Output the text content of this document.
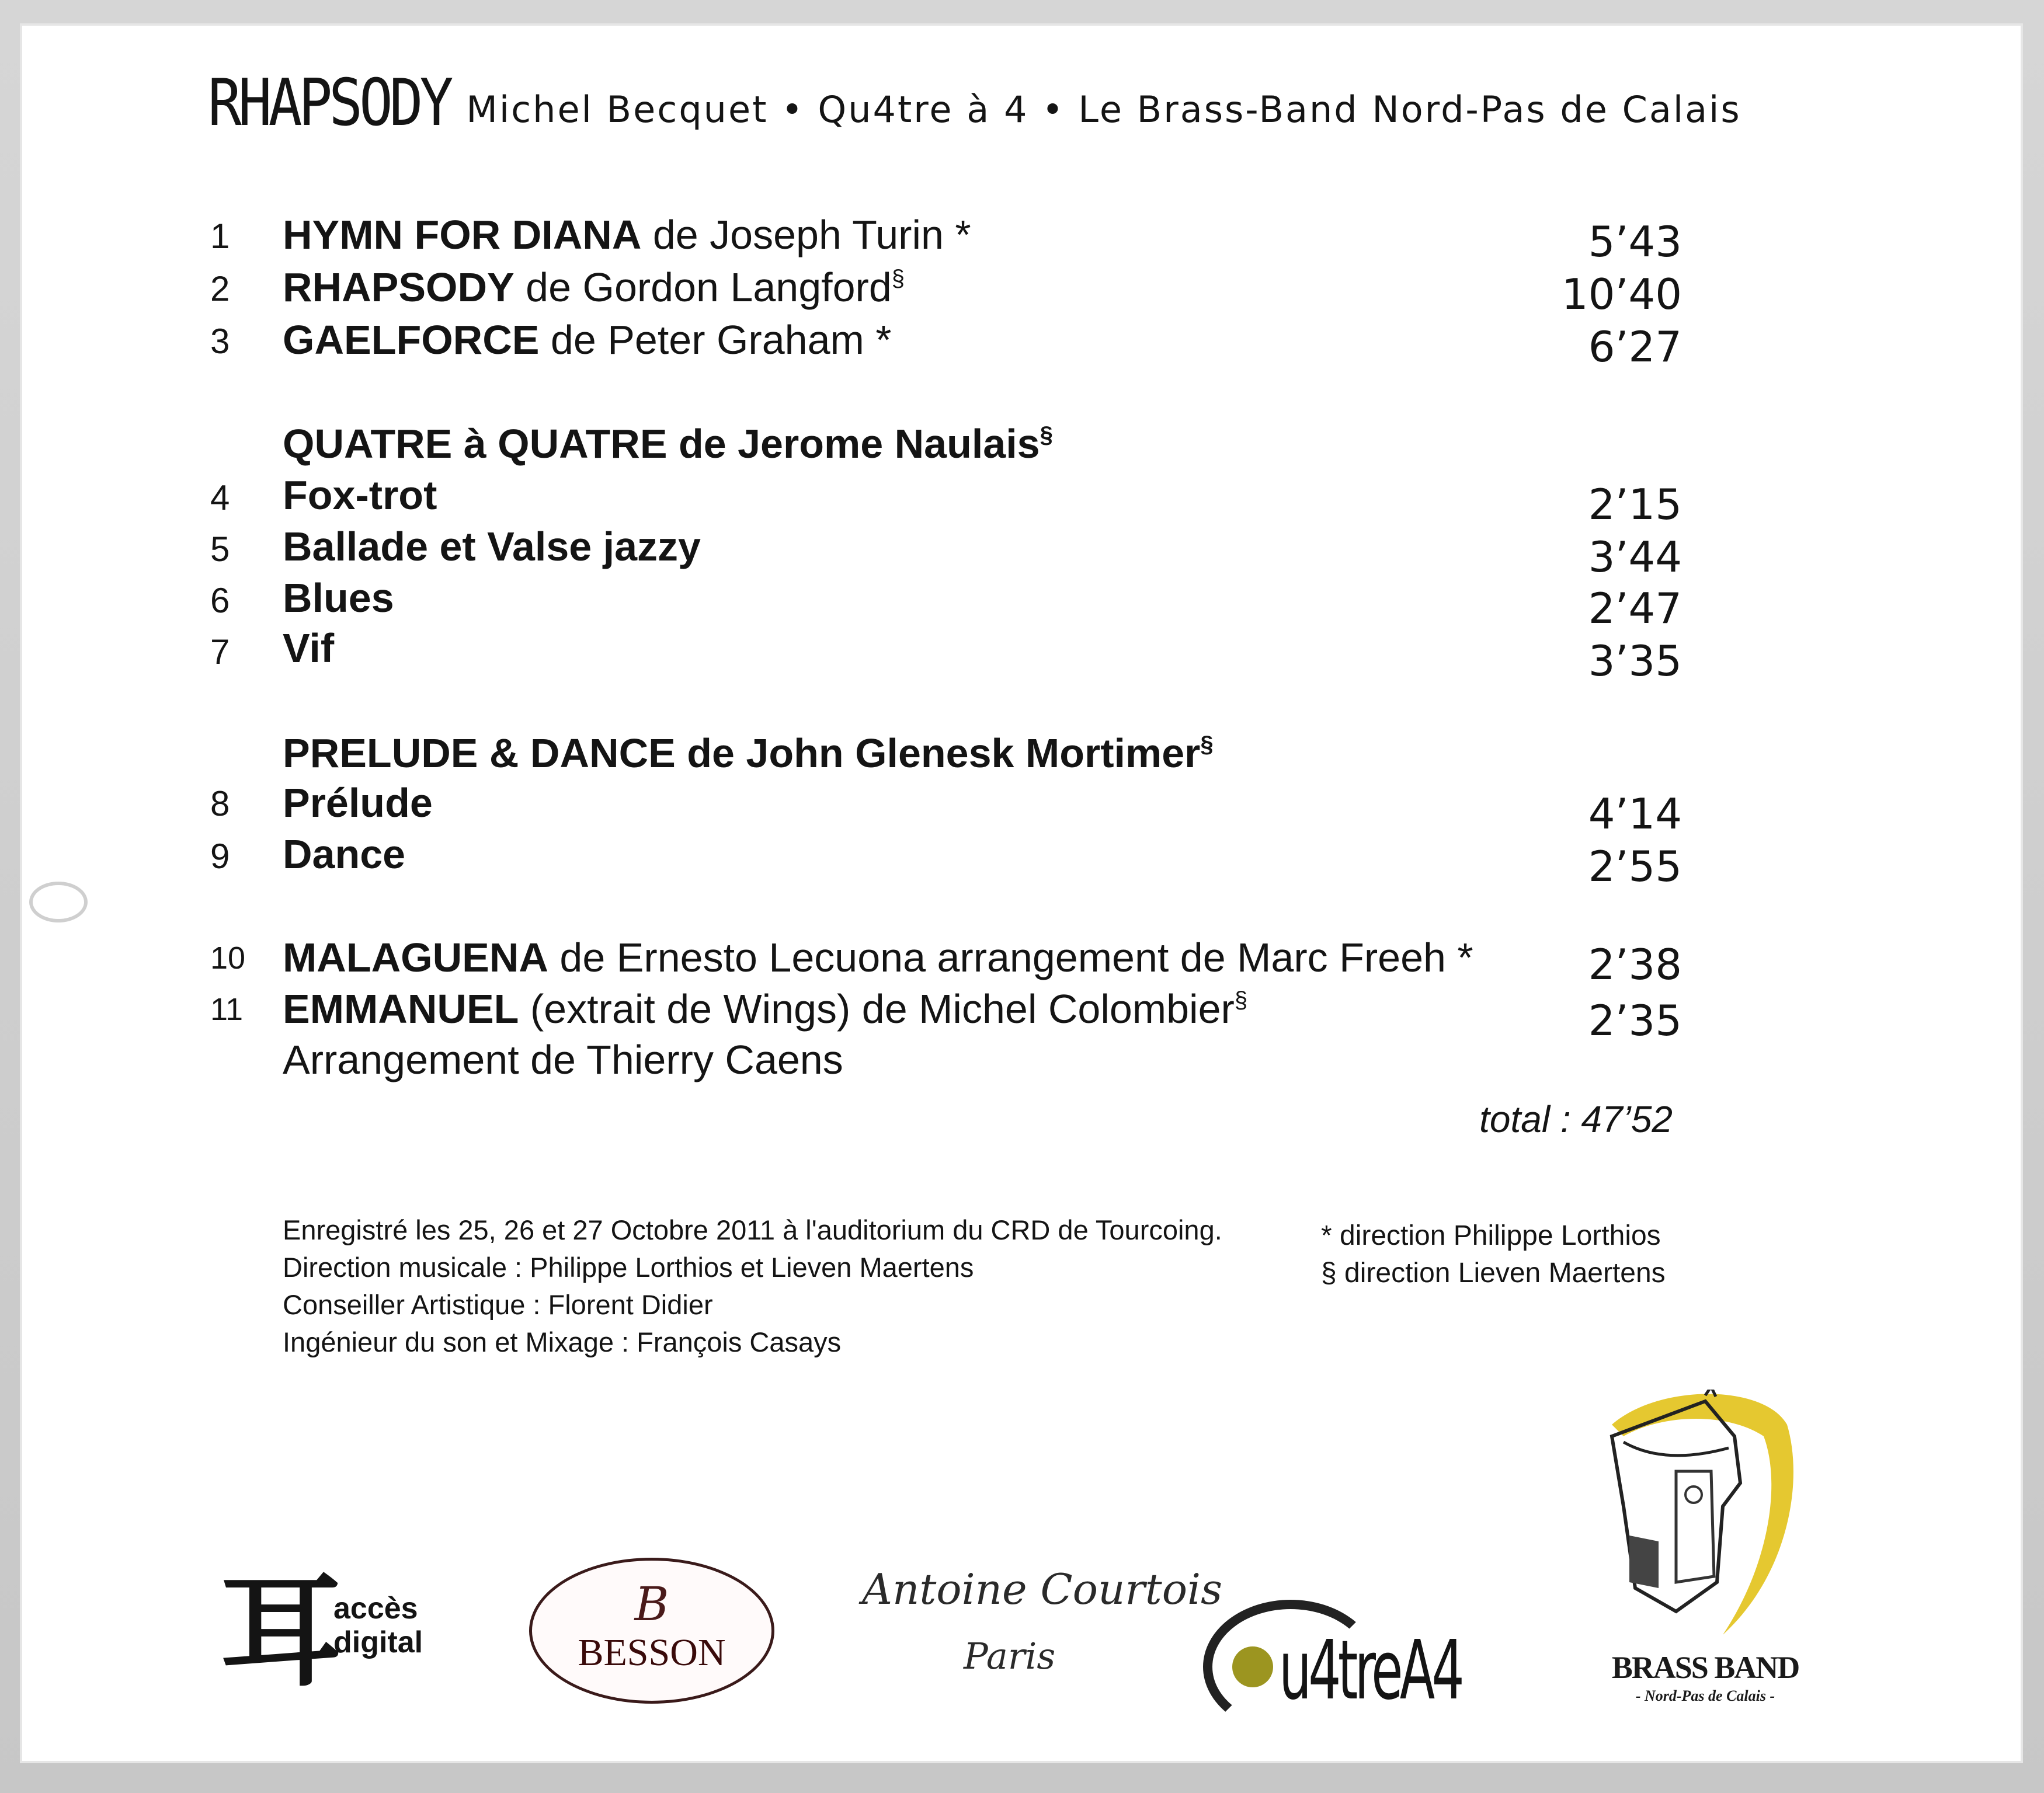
RHAPSODY Michel Becquet • Qu4tre à 4 • Le Brass-Band Nord-Pas de Calais
1 HYMN FOR DIANA de Joseph Turin *	5’43
2 RHAPSODY de Gordon Langford§	10’40
3 GAELFORCE de Peter Graham *	6’27
QUATRE à QUATRE de Jerome Naulais§
4 Fox-trot	2’15
5 Ballade et Valse jazzy	3’44
6 Blues	2’47
7 Vif	3’35
PRELUDE & DANCE de John Glenesk Mortimer§
8 Prélude	4’14
9 Dance	2’55
10 MALAGUENA de Ernesto Lecuona arrangement de Marc Freeh *	2’38
11 EMMANUEL (extrait de Wings) de Michel Colombier§	2’35
Arrangement de Thierry Caens
total : 47’52
Enregistré les 25, 26 et 27 Octobre 2011 à l'auditorium du CRD de Tourcoing.
Direction musicale : Philippe Lorthios et Lieven Maertens
Conseiller Artistique : Florent Didier
Ingénieur du son et Mixage : François Casays
* direction Philippe Lorthios
§ direction Lieven Maertens
耳
accès
digital
B
BESSON
Antoine Courtois
Paris	u4treA4	BRASS BAND
- Nord-Pas de Calais -
